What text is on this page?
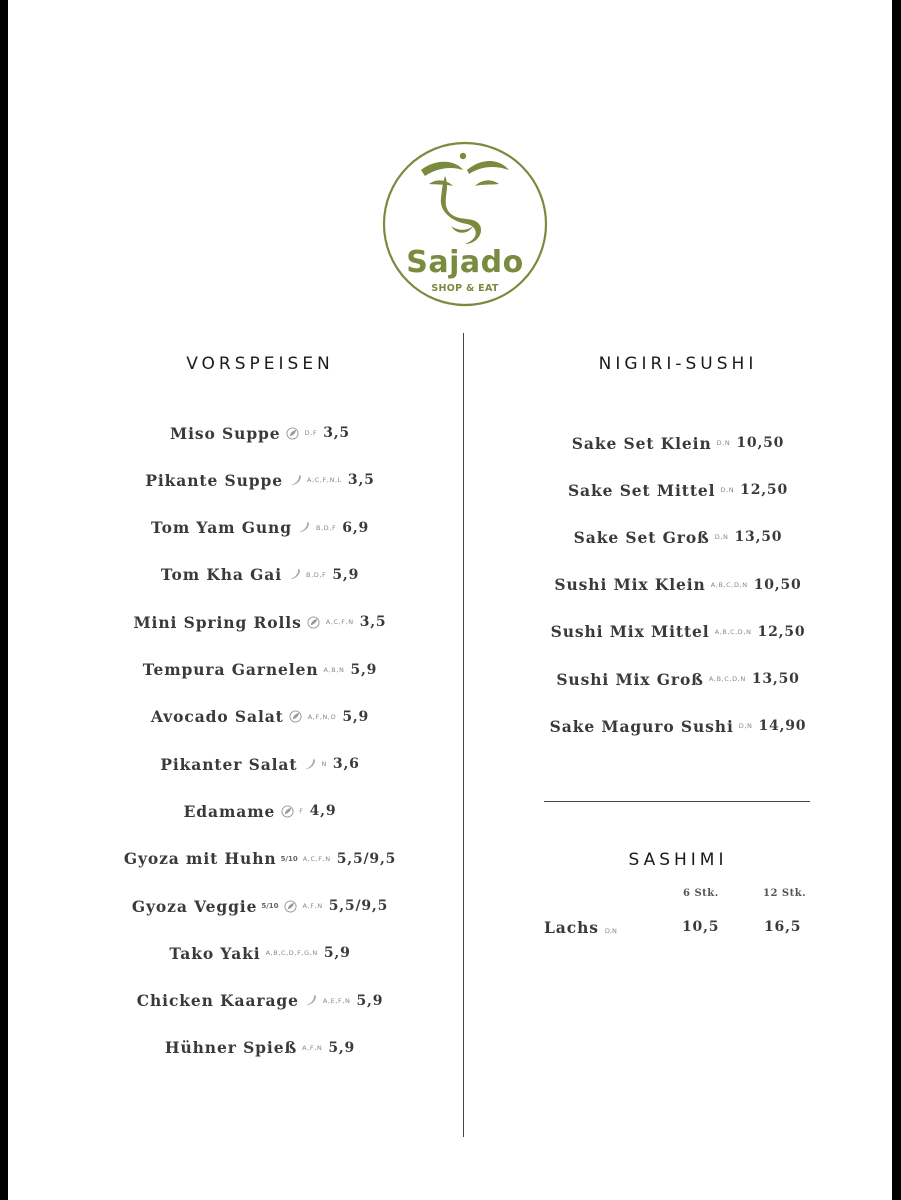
Sajado
SHOP & EAT
VORSPEISEN	NIGIRI-SUSHI
Miso Suppe	D,F 3,5
Pikante Suppe	A,C,F,N,L 3,5
Tom Yam Gung	B,D,F 6,9
Tom Kha Gai	B,D,F 5,9
Mini Spring Rolls	A,C,F,N 3,5
Tempura Garnelen A,B,N 5,9
Avocado Salat	A,F,N,O 5,9
Pikanter Salat	N 3,6
Edamame	F 4,9
Gyoza mit Huhn 5/10 A,C,F,N 5,5/9,5
Gyoza Veggie 5/10	A,F,N 5,5/9,5
Tako Yaki A,B,C,D,F,G,N 5,9
Chicken Kaarage	A,E,F,N 5,9
Hühner Spieß A,F,N 5,9
Sake Set Klein D,N 10,50
Sake Set Mittel D,N 12,50
Sake Set Groß D,N 13,50
Sushi Mix Klein A,B,C,D,N 10,50
Sushi Mix Mittel A,B,C,D,N 12,50
Sushi Mix Groß A,B,C,D,N 13,50
Sake Maguro Sushi D,N 14,90
SASHIMI
6 Stk.	12 Stk.
Lachs D,N	10,5	16,5
